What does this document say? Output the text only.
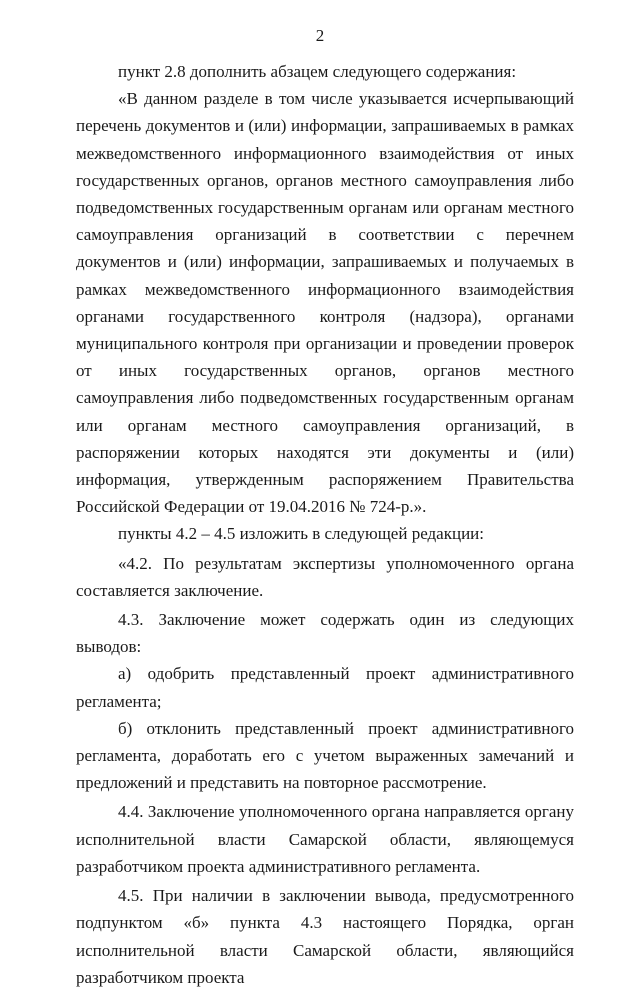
2

пункт 2.8 дополнить абзацем следующего содержания:

«В данном разделе в том числе указывается исчерпывающий перечень документов и (или) информации, запрашиваемых в рамках межведомственного информационного взаимодействия от иных государственных органов, органов местного самоуправления либо подведомственных государственным органам или органам местного самоуправления организаций в соответствии с перечнем документов и (или) информации, запрашиваемых и получаемых в рамках межведомственного информационного взаимодействия органами государственного контроля (надзора), органами муниципального контроля при организации и проведении проверок от иных государственных органов, органов местного самоуправления либо подведомственных государственным органам или органам местного самоуправления организаций, в распоряжении которых находятся эти документы и (или) информация, утвержденным распоряжением Правительства Российской Федерации от 19.04.2016 № 724-р.».

пункты 4.2 – 4.5 изложить в следующей редакции:

«4.2. По результатам экспертизы уполномоченного органа составляется заключение.

4.3. Заключение может содержать один из следующих выводов:

а) одобрить представленный проект административного регламента;

б) отклонить представленный проект административного регламента, доработать его с учетом выраженных замечаний и предложений и представить на повторное рассмотрение.

4.4. Заключение уполномоченного органа направляется органу исполнительной власти Самарской области, являющемуся разработчиком проекта административного регламента.

4.5. При наличии в заключении вывода, предусмотренного подпунктом «б» пункта 4.3 настоящего Порядка, орган исполнительной власти Самарской области, являющийся разработчиком проекта
